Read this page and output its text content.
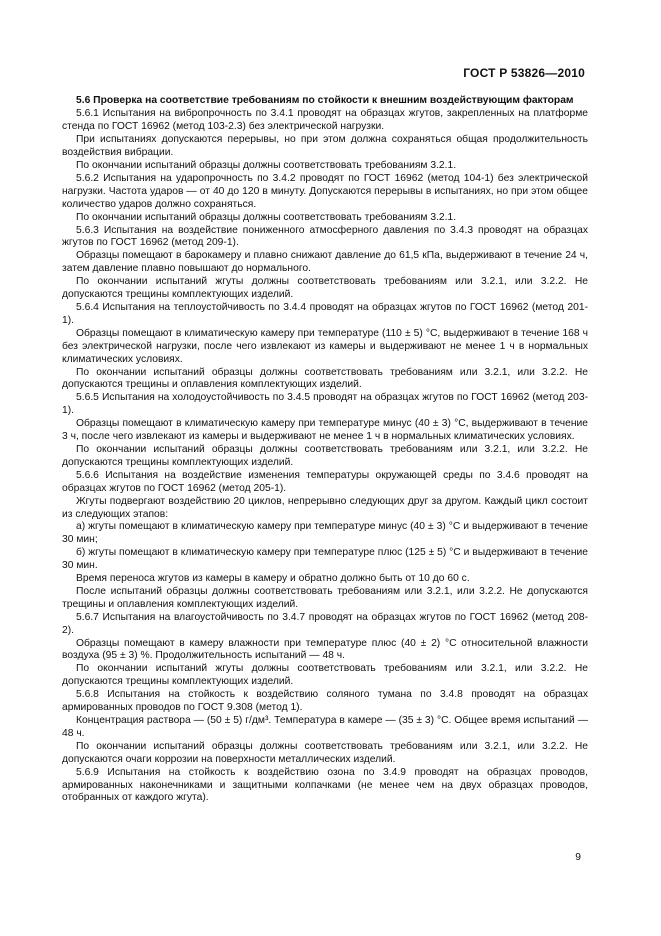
ГОСТ Р 53826—2010

5.6 Проверка на соответствие требованиям по стойкости к внешним воздействующим факторам

5.6.1 Испытания на вибропрочность по 3.4.1 проводят на образцах жгутов, закрепленных на платформе стенда по ГОСТ 16962 (метод 103-2.3) без электрической нагрузки.

При испытаниях допускаются перерывы, но при этом должна сохраняться общая продолжительность воздействия вибрации.

По окончании испытаний образцы должны соответствовать требованиям 3.2.1.

5.6.2 Испытания на ударопрочность по 3.4.2 проводят по ГОСТ 16962 (метод 104-1) без электрической нагрузки. Частота ударов — от 40 до 120 в минуту. Допускаются перерывы в испытаниях, но при этом общее количество ударов должно сохраняться.

По окончании испытаний образцы должны соответствовать требованиям 3.2.1.

5.6.3 Испытания на воздействие пониженного атмосферного давления по 3.4.3 проводят на образцах жгутов по ГОСТ 16962 (метод 209-1).

Образцы помещают в барокамеру и плавно снижают давление до 61,5 кПа, выдерживают в течение 24 ч, затем давление плавно повышают до нормального.

По окончании испытаний жгуты должны соответствовать требованиям или 3.2.1, или 3.2.2. Не допускаются трещины комплектующих изделий.

5.6.4 Испытания на теплоустойчивость по 3.4.4 проводят на образцах жгутов по ГОСТ 16962 (метод 201-1).

Образцы помещают в климатическую камеру при температуре (110 ± 5) °С, выдерживают в течение 168 ч без электрической нагрузки, после чего извлекают из камеры и выдерживают не менее 1 ч в нормальных климатических условиях.

По окончании испытаний образцы должны соответствовать требованиям или 3.2.1, или 3.2.2. Не допускаются трещины и оплавления комплектующих изделий.

5.6.5 Испытания на холодоустойчивость по 3.4.5 проводят на образцах жгутов по ГОСТ 16962 (метод 203-1).

Образцы помещают в климатическую камеру при температуре минус (40 ± 3) °С, выдерживают в течение 3 ч, после чего извлекают из камеры и выдерживают не менее 1 ч в нормальных климатических условиях.

По окончании испытаний образцы должны соответствовать требованиям или 3.2.1, или 3.2.2. Не допускаются трещины комплектующих изделий.

5.6.6 Испытания на воздействие изменения температуры окружающей среды по 3.4.6 проводят на образцах жгутов по ГОСТ 16962 (метод 205-1).

Жгуты подвергают воздействию 20 циклов, непрерывно следующих друг за другом. Каждый цикл состоит из следующих этапов:

а) жгуты помещают в климатическую камеру при температуре минус (40 ± 3) °С и выдерживают в течение 30 мин;

б) жгуты помещают в климатическую камеру при температуре плюс (125 ± 5) °С и выдерживают в течение 30 мин.

Время переноса жгутов из камеры в камеру и обратно должно быть от 10 до 60 с.

После испытаний образцы должны соответствовать требованиям или 3.2.1, или 3.2.2. Не допускаются трещины и оплавления комплектующих изделий.

5.6.7 Испытания на влагоустойчивость по 3.4.7 проводят на образцах жгутов по ГОСТ 16962 (метод 208-2).

Образцы помещают в камеру влажности при температуре плюс (40 ± 2) °С относительной влажности воздуха (95 ± 3) %. Продолжительность испытаний — 48 ч.

По окончании испытаний жгуты должны соответствовать требованиям или 3.2.1, или 3.2.2. Не допускаются трещины комплектующих изделий.

5.6.8 Испытания на стойкость к воздействию соляного тумана по 3.4.8 проводят на образцах армированных проводов по ГОСТ 9.308 (метод 1).

Концентрация раствора — (50 ± 5) г/дм³. Температура в камере — (35 ± 3) °С. Общее время испытаний — 48 ч.

По окончании испытаний образцы должны соответствовать требованиям или 3.2.1, или 3.2.2. Не допускаются очаги коррозии на поверхности металлических изделий.

5.6.9 Испытания на стойкость к воздействию озона по 3.4.9 проводят на образцах проводов, армированных наконечниками и защитными колпачками (не менее чем на двух образцах проводов, отобранных от каждого жгута).

9
